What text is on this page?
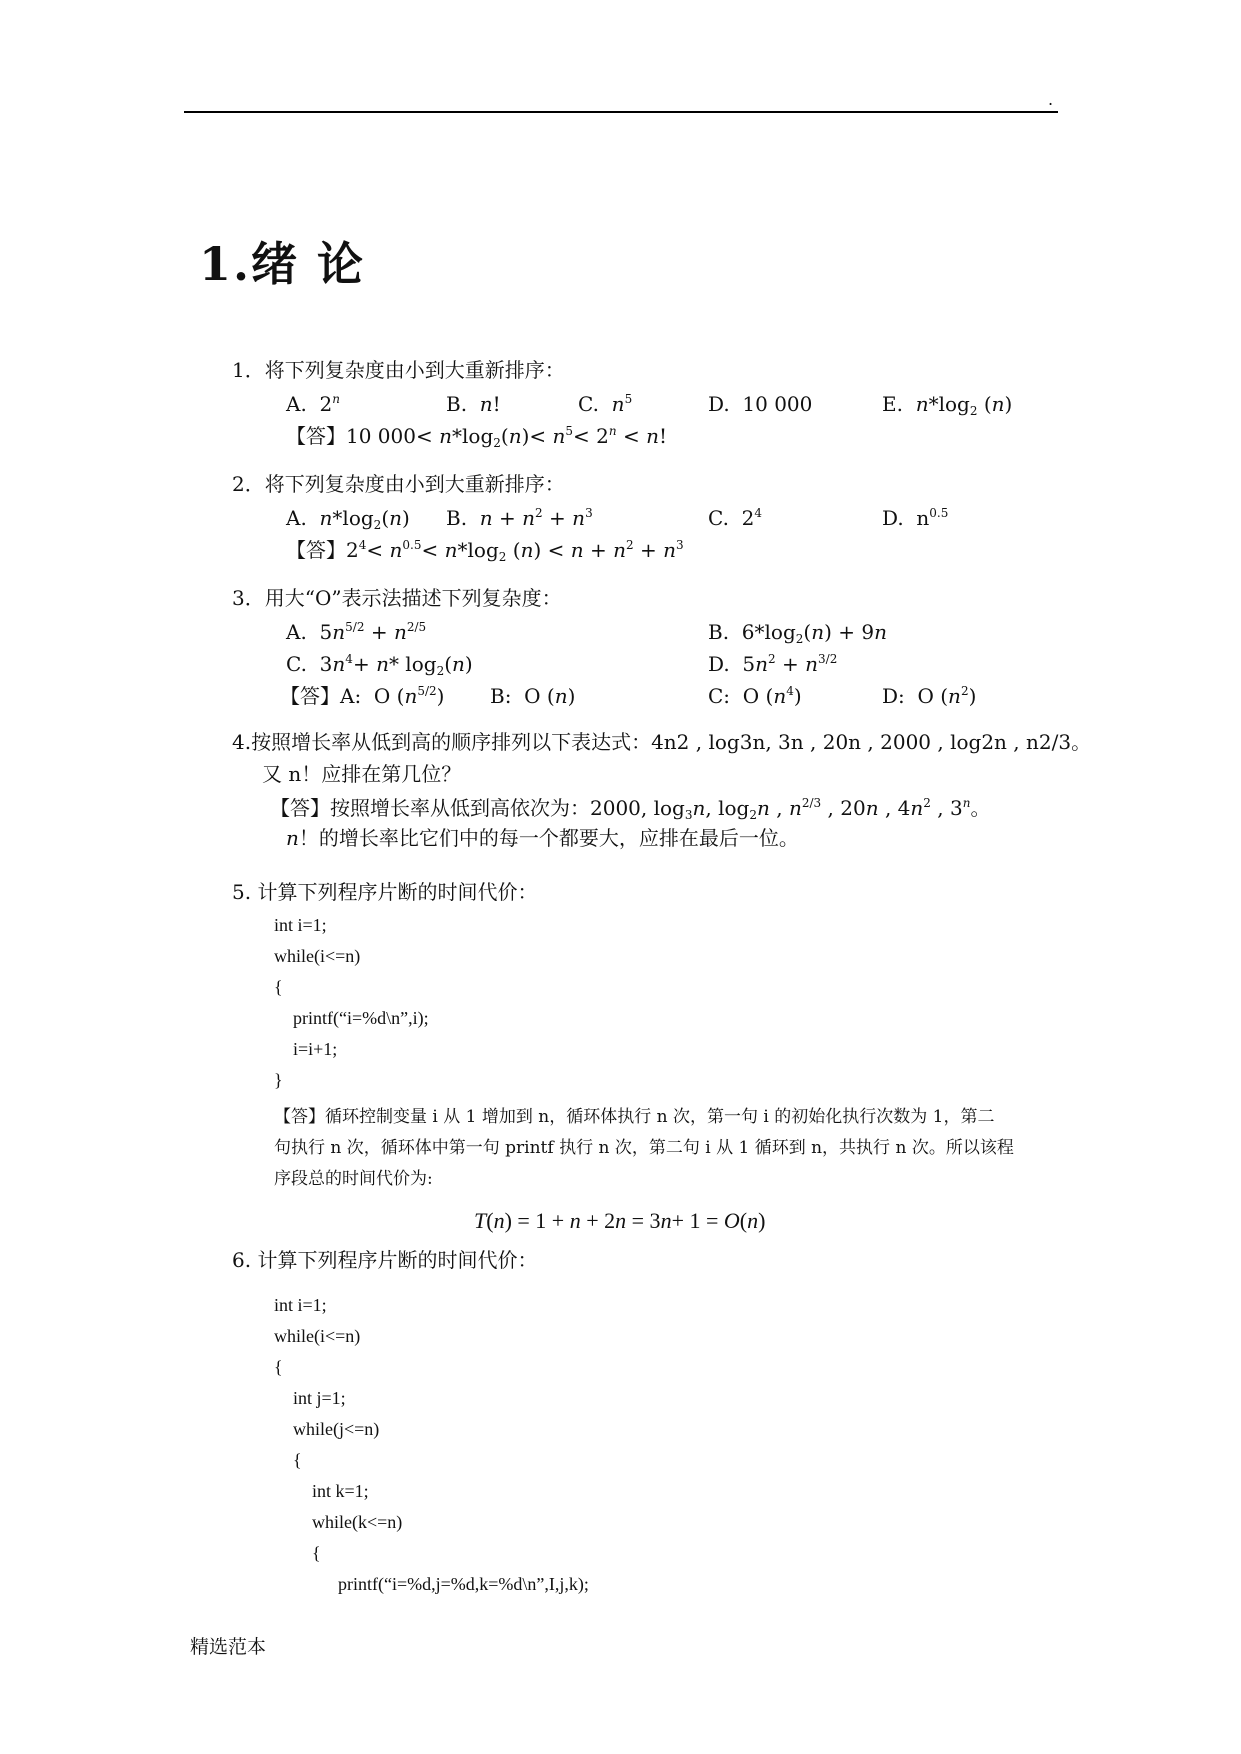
.
1.绪 论
1．将下列复杂度由小到大重新排序：
A.  2$^n$	B. n!	C. $n^5$	D.  10 000	E. $n*\log_2$ (n)
【答】10 $000< n*\log_2(n)< n^5< 2^n < n$!
2．将下列复杂度由小到大重新排序：
A. $n*\log_2(n)$ B. $n + n^2 + n^3$	C.  $2^4$	D.  $n^{0.5}$
【答】$2^4< n^{0.5}< n*\log_2$ $(n) < n + n^2 + n^3$
3．用大“O”表示法描述下列复杂度：
A.  $5n^{5/2} + n^{2/5}$	B.  $6*\log_2(n) + 9n$
C.  $3n^4+ n*$ $\log_2(n)$	D.  $5n^2 + n^{3/2}$
【答】A:  O $(n^{5/2})$ B:  O (n)	C:  O $(n^4)$	D:  O $(n^2)$
4.按照增长率从低到高的顺序排列以下表达式：4n2 , log3n, 3n , 20n , 2000 , log2n , n2/3。
又 n！应排在第几位？
【答】按照增长率从低到高依次为：2000, $\log_3n$, $\log_2n$ , $n^{2/3}$ , 20n , $4n^2$ , 3$^n$。
n！的增长率比它们中的每一个都要大，应排在最后一位。
5. 计算下列程序片断的时间代价：
int i=1;
while(i<=n)
{
printf(“i=%d\n”,i);
i=i+1;
}
【答】循环控制变量 i 从 1 增加到 n，循环体执行 n 次，第一句 i 的初始化执行次数为 1，第二
句执行 n 次，循环体中第一句 printf 执行 n 次，第二句 i 从 1 循环到 n，共执行 n 次。所以该程
序段总的时间代价为:
T(n) = 1 + n + 2n = 3n+ 1 = O(n)
6. 计算下列程序片断的时间代价：
int i=1;
while(i<=n)
{
int j=1;
while(j<=n)
{
int k=1;
while(k<=n)
{
printf(“i=%d,j=%d,k=%d\n”,I,j,k);
精选范本
